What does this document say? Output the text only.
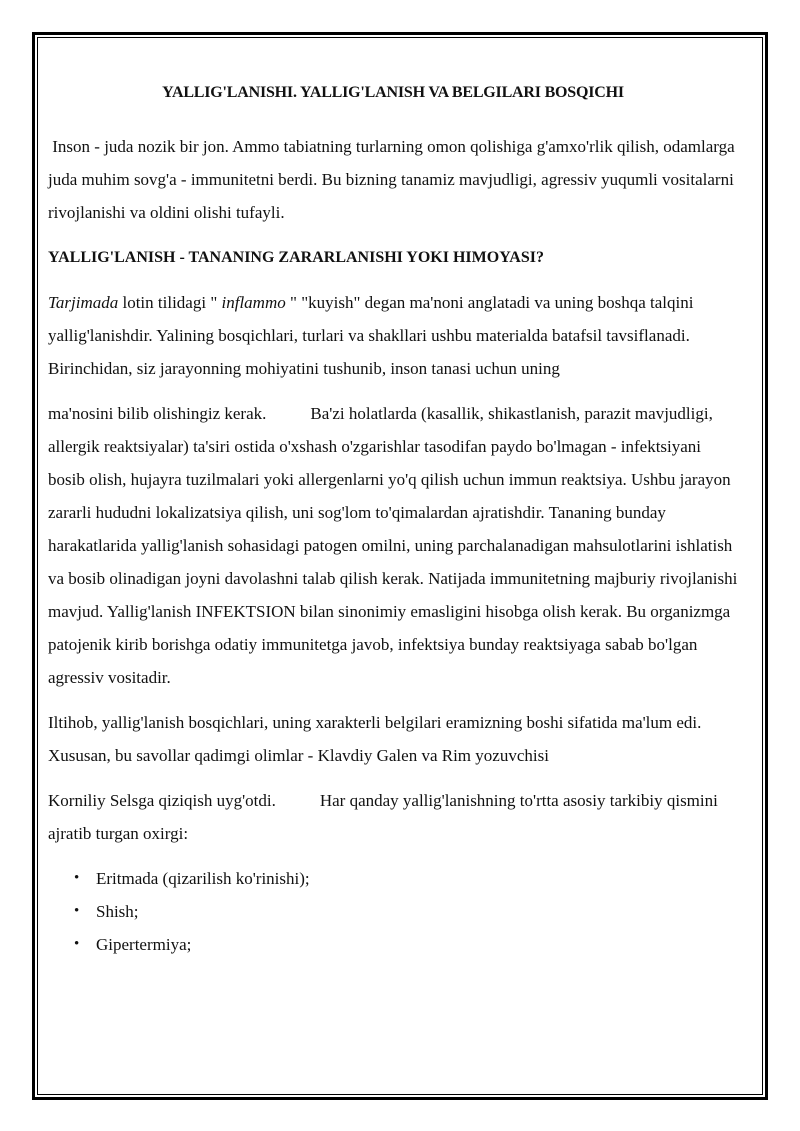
YALLIG'LANISHI. YALLIG'LANISH VA BELGILARI BOSQICHI

Inson - juda nozik bir jon. Ammo tabiatning turlarning omon qolishiga g'amxo'rlik qilish, odamlarga juda muhim sovg'a - immunitetni berdi. Bu bizning tanamiz mavjudligi, agressiv yuqumli vositalarni rivojlanishi va oldini olishi tufayli.

YALLIG'LANISH - TANANING ZARARLANISHI YOKI HIMOYASI?

Tarjimada lotin tilidagi " inflammo " "kuyish" degan ma'noni anglatadi va uning boshqa talqini yallig'lanishdir. Yalining bosqichlari, turlari va shakllari ushbu materialda batafsil tavsiflanadi. Birinchidan, siz jarayonning mohiyatini tushunib, inson tanasi uchun uning

ma'nosini bilib olishingiz kerak.	Ba'zi holatlarda (kasallik, shikastlanish, parazit mavjudligi, allergik reaktsiyalar) ta'siri ostida o'xshash o'zgarishlar tasodifan paydo bo'lmagan - infektsiyani bosib olish, hujayra tuzilmalari yoki allergenlarni yo'q qilish uchun immun reaktsiya. Ushbu jarayon zararli hududni lokalizatsiya qilish, uni sog'lom to'qimalardan ajratishdir. Tananing bunday harakatlarida yallig'lanish sohasidagi patogen omilni, uning parchalanadigan mahsulotlarini ishlatish va bosib olinadigan joyni davolashni talab qilish kerak. Natijada immunitetning majburiy rivojlanishi mavjud. Yallig'lanish INFEKTSION bilan sinonimiy emasligini hisobga olish kerak. Bu organizmga patojenik kirib borishga odatiy immunitetga javob, infektsiya bunday reaktsiyaga sabab bo'lgan agressiv vositadir.

Iltihob, yallig'lanish bosqichlari, uning xarakterli belgilari eramizning boshi sifatida ma'lum edi. Xususan, bu savollar qadimgi olimlar - Klavdiy Galen va Rim yozuvchisi

Korniliy Selsga qiziqish uyg'otdi.	Har qanday yallig'lanishning to'rtta asosiy tarkibiy qismini ajratib turgan oxirgi:

• Eritmada (qizarilish ko'rinishi);
• Shish;
• Gipertermiya;
